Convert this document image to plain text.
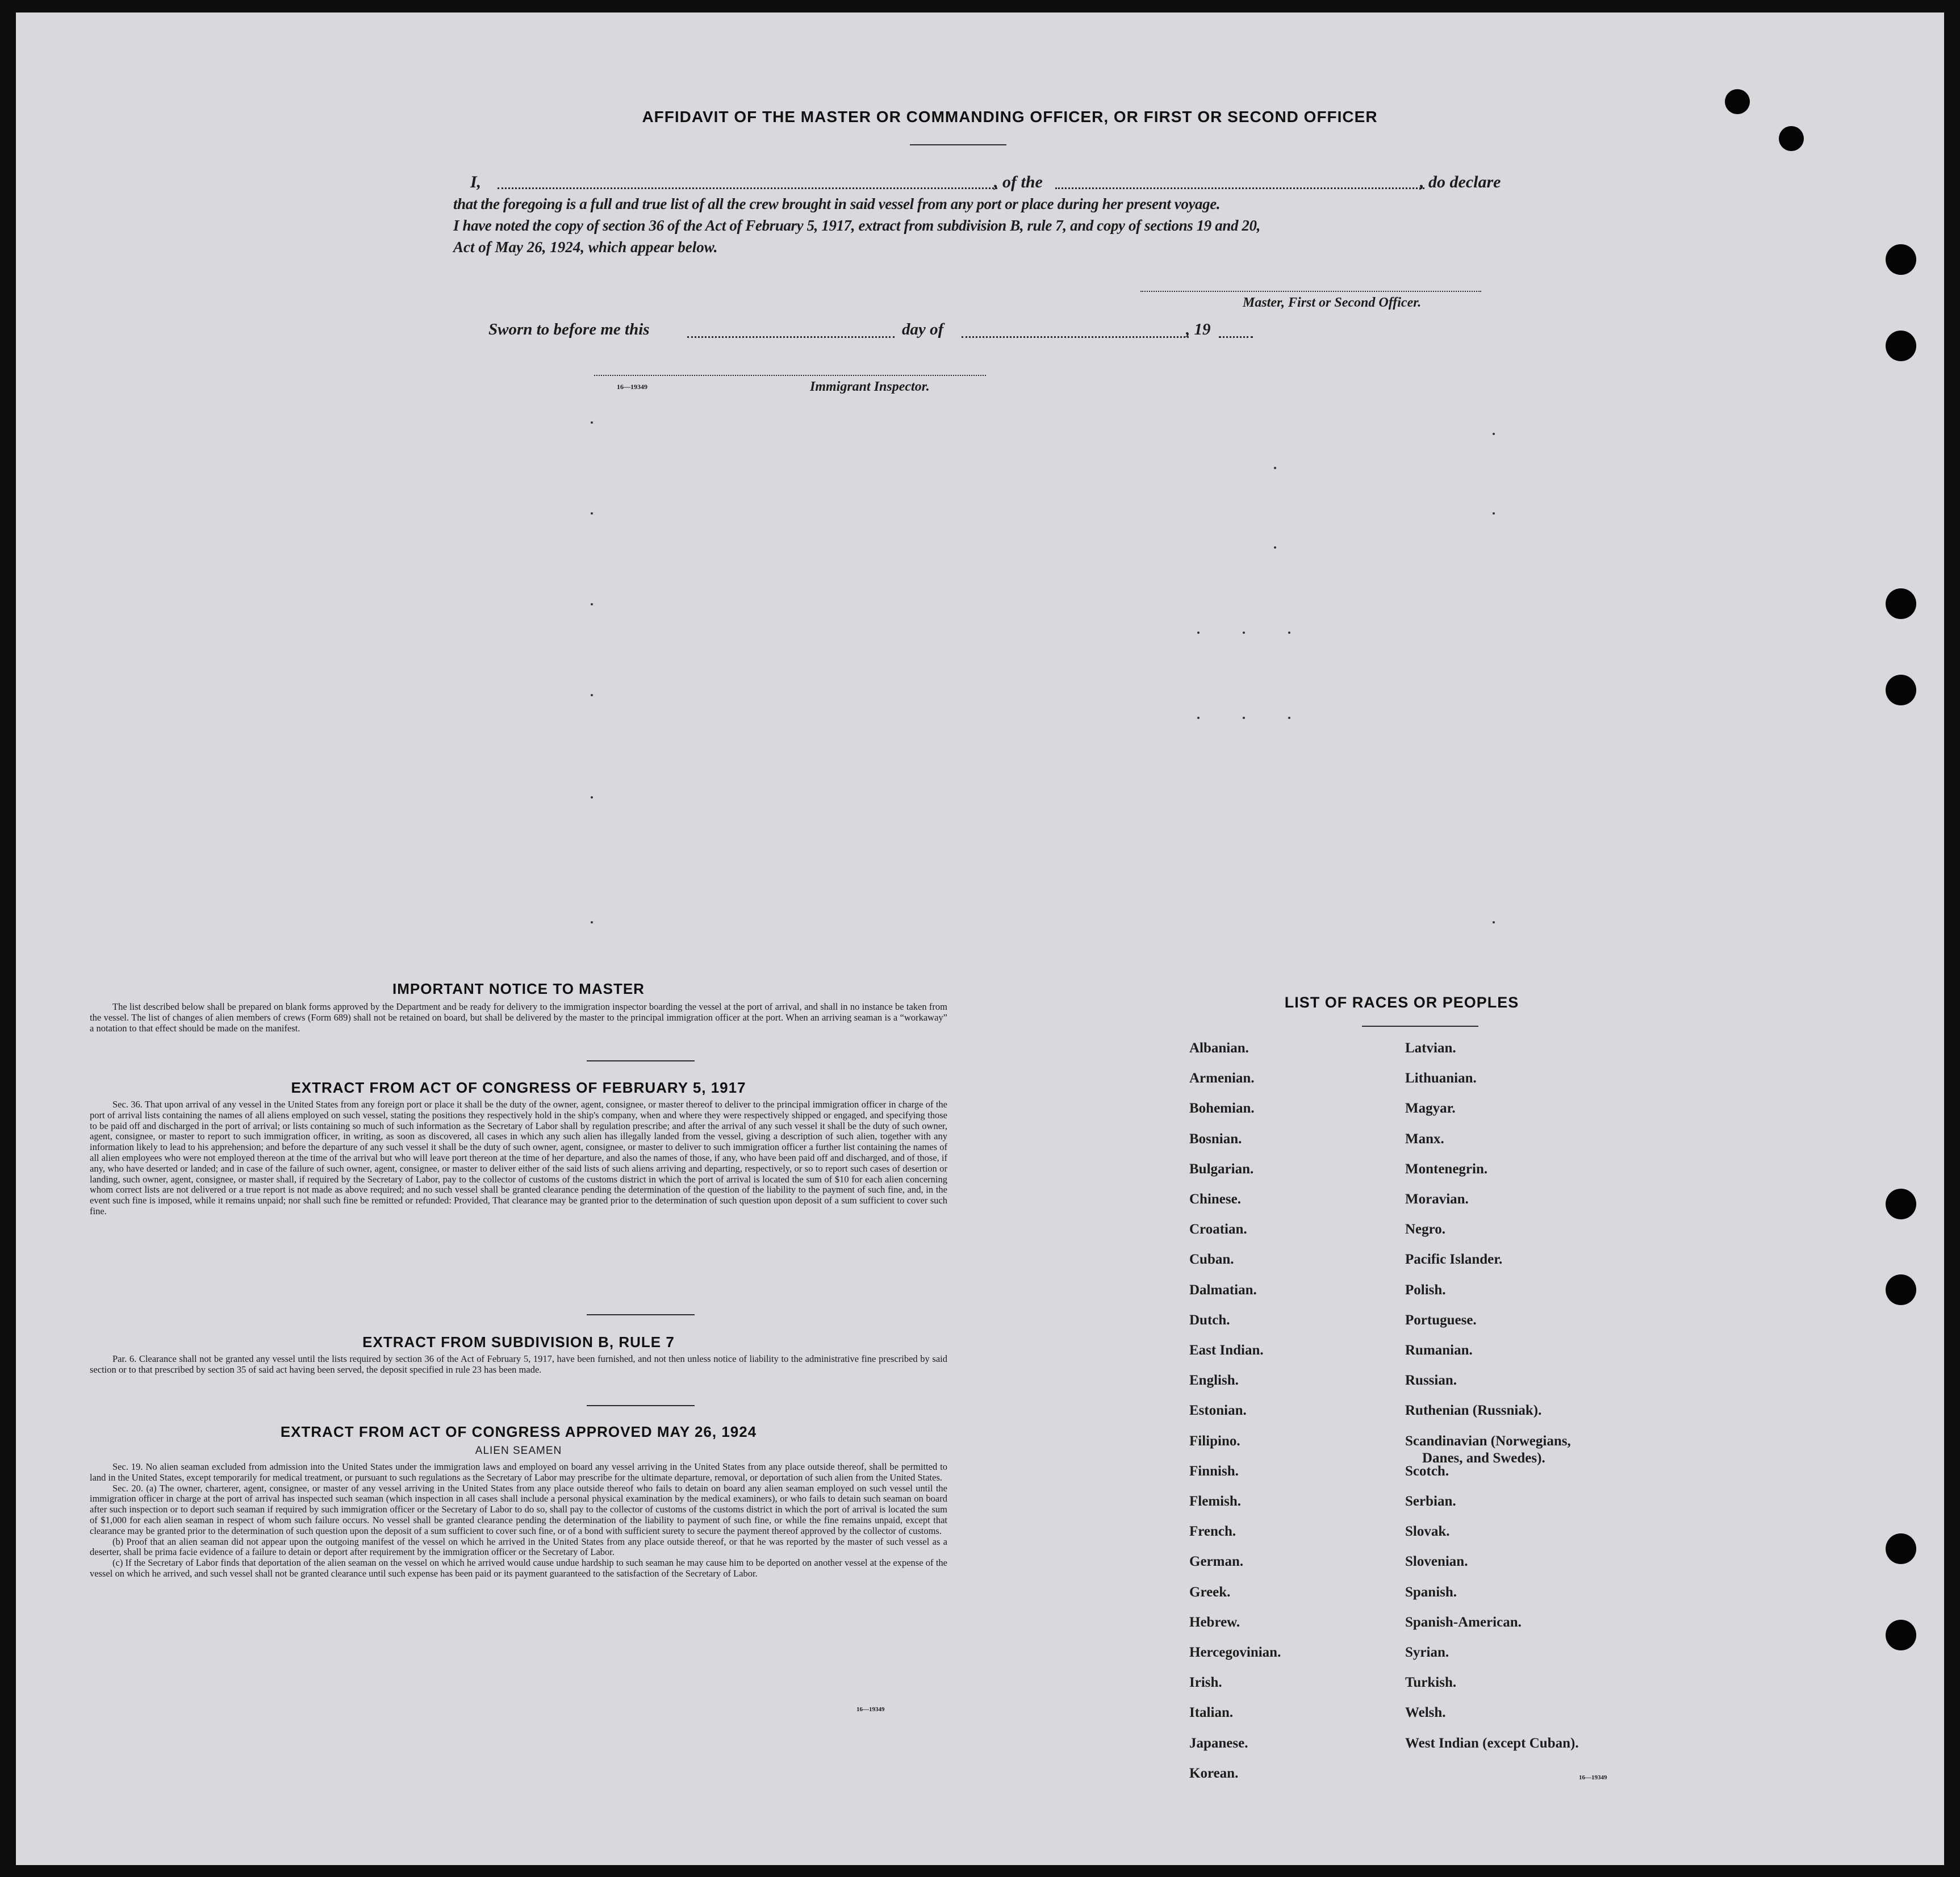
AFFIDAVIT OF THE MASTER OR COMMANDING OFFICER, OR FIRST OR SECOND OFFICER
I,	, of the	, do declare
that the foregoing is a full and true list of all the crew brought in said vessel from any port or place during her present voyage.
I have noted the copy of section 36 of the Act of February 5, 1917, extract from subdivision B, rule 7, and copy of sections 19 and 20,
Act of May 26, 1924, which appear below.
Master, First or Second Officer.
Sworn to before me this	day of	, 19
16—19349	Immigrant Inspector.
IMPORTANT NOTICE TO MASTER

The list described below shall be prepared on blank forms approved by the Department and be ready for delivery to the immigration inspector boarding the vessel at the port of arrival, and shall in no instance be taken from the vessel. The list of changes of alien members of crews (Form 689) shall not be retained on board, but shall be delivered by the master to the principal immigration officer at the port. When an arriving seaman is a “workaway” a notation to that effect should be made on the manifest.

EXTRACT FROM ACT OF CONGRESS OF FEBRUARY 5, 1917

Sec. 36. That upon arrival of any vessel in the United States from any foreign port or place it shall be the duty of the owner, agent, consignee, or master thereof to deliver to the principal immigration officer in charge of the port of arrival lists containing the names of all aliens employed on such vessel, stating the positions they respectively hold in the ship's company, when and where they were respectively shipped or engaged, and specifying those to be paid off and discharged in the port of arrival; or lists containing so much of such information as the Secretary of Labor shall by regulation prescribe; and after the arrival of any such vessel it shall be the duty of such owner, agent, consignee, or master to report to such immigration officer, in writing, as soon as discovered, all cases in which any such alien has illegally landed from the vessel, giving a description of such alien, together with any information likely to lead to his apprehension; and before the departure of any such vessel it shall be the duty of such owner, agent, consignee, or master to deliver to such immigration officer a further list containing the names of all alien employees who were not employed thereon at the time of the arrival but who will leave port thereon at the time of her departure, and also the names of those, if any, who have been paid off and discharged, and of those, if any, who have deserted or landed; and in case of the failure of such owner, agent, consignee, or master to deliver either of the said lists of such aliens arriving and departing, respectively, or so to report such cases of desertion or landing, such owner, agent, consignee, or master shall, if required by the Secretary of Labor, pay to the collector of customs of the customs district in which the port of arrival is located the sum of $10 for each alien concerning whom correct lists are not delivered or a true report is not made as above required; and no such vessel shall be granted clearance pending the determination of the question of the liability to the payment of such fine, and, in the event such fine is imposed, while it remains unpaid; nor shall such fine be remitted or refunded: Provided, That clearance may be granted prior to the determination of such question upon deposit of a sum sufficient to cover such fine.

EXTRACT FROM SUBDIVISION B, RULE 7

Par. 6. Clearance shall not be granted any vessel until the lists required by section 36 of the Act of February 5, 1917, have been furnished, and not then unless notice of liability to the administrative fine prescribed by said section or to that prescribed by section 35 of said act having been served, the deposit specified in rule 23 has been made.

EXTRACT FROM ACT OF CONGRESS APPROVED MAY 26, 1924
ALIEN SEAMEN

Sec. 19. No alien seaman excluded from admission into the United States under the immigration laws and employed on board any vessel arriving in the United States from any place outside thereof, shall be permitted to land in the United States, except temporarily for medical treatment, or pursuant to such regulations as the Secretary of Labor may prescribe for the ultimate departure, removal, or deportation of such alien from the United States.

Sec. 20. (a) The owner, charterer, agent, consignee, or master of any vessel arriving in the United States from any place outside thereof who fails to detain on board any alien seaman employed on such vessel until the immigration officer in charge at the port of arrival has inspected such seaman (which inspection in all cases shall include a personal physical examination by the medical examiners), or who fails to detain such seaman on board after such inspection or to deport such seaman if required by such immigration officer or the Secretary of Labor to do so, shall pay to the collector of customs of the customs district in which the port of arrival is located the sum of $1,000 for each alien seaman in respect of whom such failure occurs. No vessel shall be granted clearance pending the determination of the liability to payment of such fine, or while the fine remains unpaid, except that clearance may be granted prior to the determination of such question upon the deposit of a sum sufficient to cover such fine, or of a bond with sufficient surety to secure the payment thereof approved by the collector of customs.

(b) Proof that an alien seaman did not appear upon the outgoing manifest of the vessel on which he arrived in the United States from any place outside thereof, or that he was reported by the master of such vessel as a deserter, shall be prima facie evidence of a failure to detain or deport after requirement by the immigration officer or the Secretary of Labor.

(c) If the Secretary of Labor finds that deportation of the alien seaman on the vessel on which he arrived would cause undue hardship to such seaman he may cause him to be deported on another vessel at the expense of the vessel on which he arrived, and such vessel shall not be granted clearance until such expense has been paid or its payment guaranteed to the satisfaction of the Secretary of Labor.

16—19349
LIST OF RACES OR PEOPLES
16—19349
Albanian.
Armenian.
Bohemian.
Bosnian.
Bulgarian.
Chinese.
Croatian.
Cuban.
Dalmatian.
Dutch.
East Indian.
English.
Estonian.
Filipino.
Finnish.
Flemish.
French.
German.
Greek.
Hebrew.
Hercegovinian.
Irish.
Italian.
Japanese.
Korean.
Latvian.
Lithuanian.
Magyar.
Manx.
Montenegrin.
Moravian.
Negro.
Pacific Islander.
Polish.
Portuguese.
Rumanian.
Russian.
Ruthenian (Russniak).
Scandinavian (Norwegians,
Danes, and Swedes).
Scotch.
Serbian.
Slovak.
Slovenian.
Spanish.
Spanish-American.
Syrian.
Turkish.
Welsh.
West Indian (except Cuban).
